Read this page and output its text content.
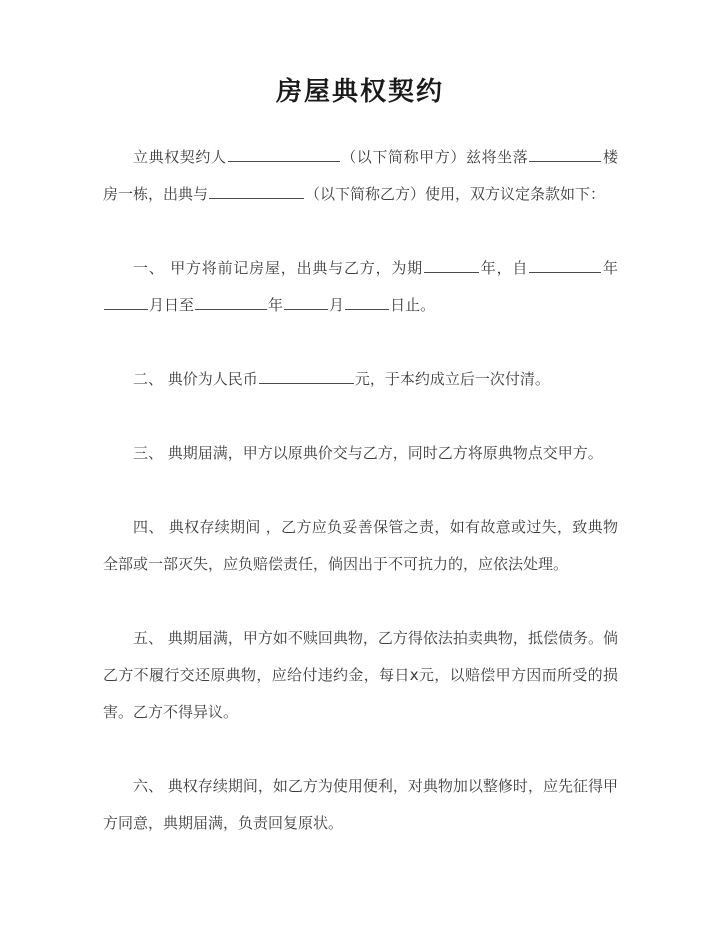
房屋典权契约

立典权契约人	（以下简称甲方）兹将坐落	楼房一栋，出典与	（以下简称乙方）使用，双方议定条款如下：

一、 甲方将前记房屋，出典与乙方，为期	年，自	年月日至	年	月	日止。

二、 典价为人民币	元，于本约成立后一次付清。

三、 典期届满，甲方以原典价交与乙方，同时乙方将原典物点交甲方。

四、 典权存续期间 ，乙方应负妥善保管之责，如有故意或过失，致典物全部或一部灭失，应负赔偿责任，倘因出于不可抗力的，应依法处理。

五、 典期届满，甲方如不赎回典物，乙方得依法拍卖典物，抵偿债务。倘乙方不履行交还原典物，应给付违约金，每日x元，以赔偿甲方因而所受的损害。乙方不得异议。

六、 典权存续期间，如乙方为使用便利，对典物加以整修时，应先征得甲方同意，典期届满，负责回复原状。
